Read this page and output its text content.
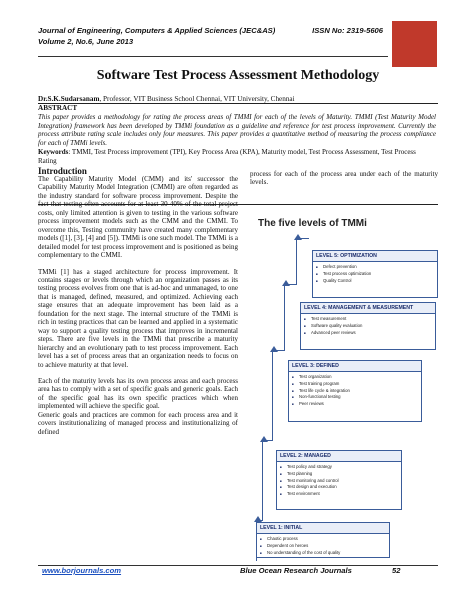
Journal of Engineering, Computers & Applied Sciences (JEC&AS)
Volume 2, No.6, June 2013
ISSN No: 2319-5606
Software Test Process Assessment Methodology
Dr.S.K.Sudarsanam, Professor, VIT Business School Chennai, VIT University, Chennai
ABSTRACT
This paper provides a methodology for rating the process areas of TMMI for each of the levels of Maturity. TMMI (Test Maturity Model Integration) framework has been developed by TMMi foundation as a guideline and reference for test process improvement. Currently the process attribute rating scale includes only four measures. This paper provides a quantitative method of measuring the process compliance for each of TMMi levels.
Keywords: TMMI, Test Process improvement (TPI), Key Process Area (KPA), Maturity model, Test Process Assessment, Test Process Rating
Introduction

The Capability Maturity Model (CMM) and its' successor the Capability Maturity Model Integration (CMMI) are often regarded as the industry standard for software process improvement. Despite the fact that testing often accounts for at least 30-40% of the total project costs, only limited attention is given to testing in the various software process improvement models such as the CMM and the CMMI. To overcome this, Testing community have created many complementary models ([1], [3], [4] and [5]). TMMi is one such model. The TMMi is a detailed model for test process improvement and is positioned as being complementary to the CMMI.

TMMi [1] has a staged architecture for process improvement. It contains stages or levels through which an organization passes as its testing process evolves from one that is ad-hoc and unmanaged, to one that is managed, defined, measured, and optimized. Achieving each stage ensures that an adequate improvement has been laid as a foundation for the next stage. The internal structure of the TMMi is rich in testing practices that can be learned and applied in a systematic way to support a quality testing process that improves in incremental steps. There are five levels in the TMMi that prescribe a maturity hierarchy and an evolutionary path to test process improvement. Each level has a set of process areas that an organization needs to focus on to achieve maturity at that level.

Each of the maturity levels has its own process areas and each process area has to comply with a set of specific goals and generic goals. Each of the specific goal has its own specific practices which when implemented will achieve the specific goal.

Generic goals and practices are common for each process area and it covers institutionalizing of managed process and institutionalizing of defined

process for each of the process area under each of the maturity levels.
The five levels of TMMi
LEVEL 5: OPTIMIZATION
■ Defect prevention
■ Test process optimization
■ Quality Control
LEVEL 4: MANAGEMENT & MEASUREMENT
■ Test measurement
■ Software quality evaluation
■ Advanced peer reviews
LEVEL 3: DEFINED
■ Test organization
■ Test training program
■ Test life cycle & integration
■ Non-functional testing
■ Peer reviews
LEVEL 2: MANAGED
■ Test policy and strategy
■ Test planning
■ Test monitoring and control
■ Test design and execution
■ Test environment
LEVEL 1: INITIAL
■ Chaotic process
■ Dependent on heroes
■ No understanding of the cost of quality
www.borjournals.com	Blue Ocean Research Journals	52
